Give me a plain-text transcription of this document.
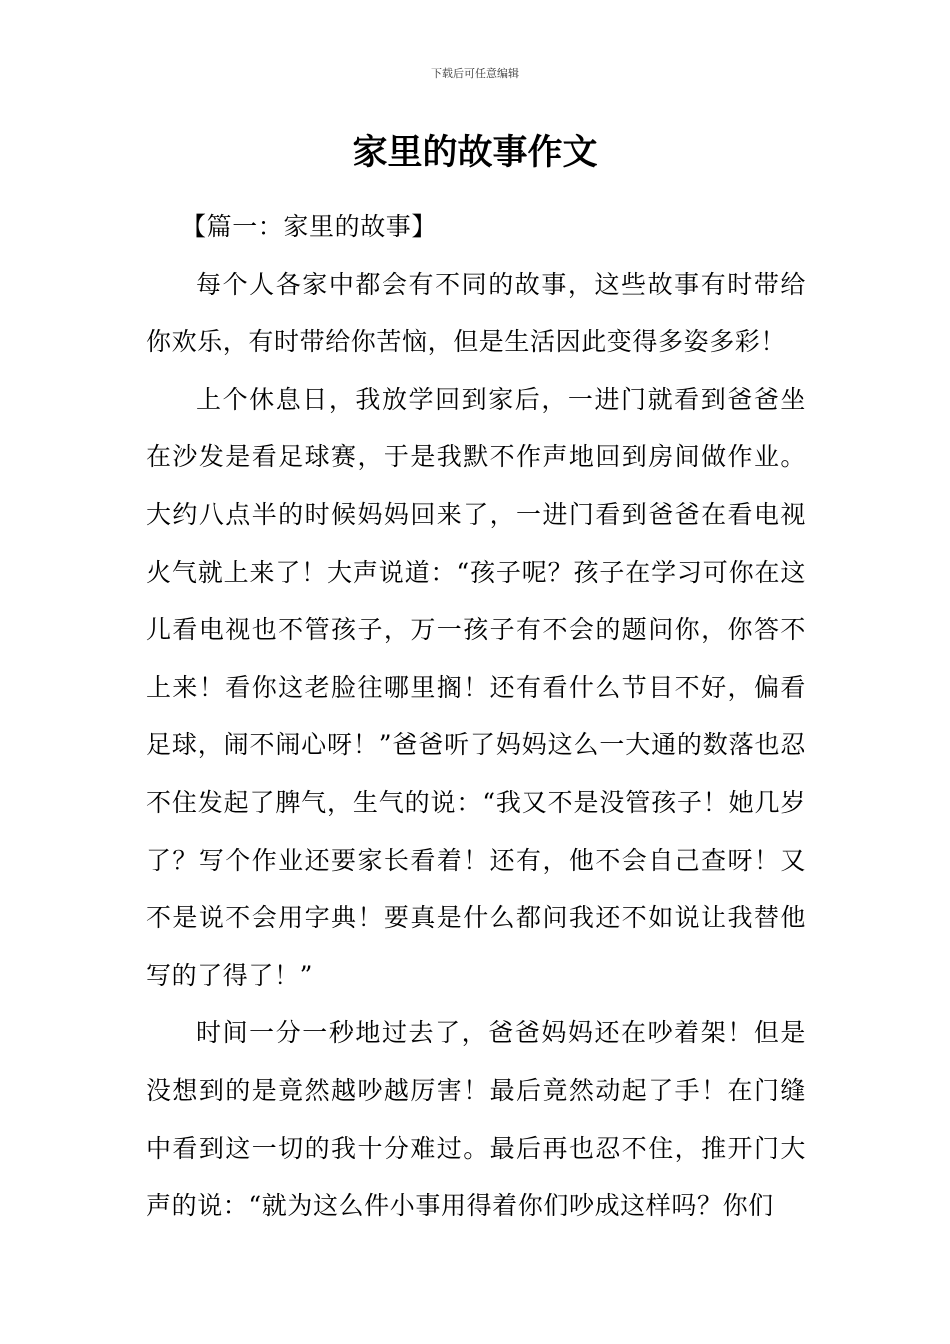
下载后可任意编辑
家里的故事作文

【篇一：家里的故事】

每个人各家中都会有不同的故事，这些故事有时带给你欢乐，有时带给你苦恼，但是生活因此变得多姿多彩！

上个休息日，我放学回到家后，一进门就看到爸爸坐在沙发是看足球赛，于是我默不作声地回到房间做作业。大约八点半的时候妈妈回来了，一进门看到爸爸在看电视火气就上来了！大声说道：“孩子呢？孩子在学习可你在这儿看电视也不管孩子，万一孩子有不会的题问你，你答不上来！看你这老脸往哪里搁！还有看什么节目不好，偏看足球，闹不闹心呀！”爸爸听了妈妈这么一大通的数落也忍不住发起了脾气，生气的说：“我又不是没管孩子！她几岁了？写个作业还要家长看着！还有，他不会自己查呀！又不是说不会用字典！要真是什么都问我还不如说让我替他写的了得了！”

时间一分一秒地过去了，爸爸妈妈还在吵着架！但是没想到的是竟然越吵越厉害！最后竟然动起了手！在门缝中看到这一切的我十分难过。最后再也忍不住，推开门大声的说：“就为这么件小事用得着你们吵成这样吗？你们
